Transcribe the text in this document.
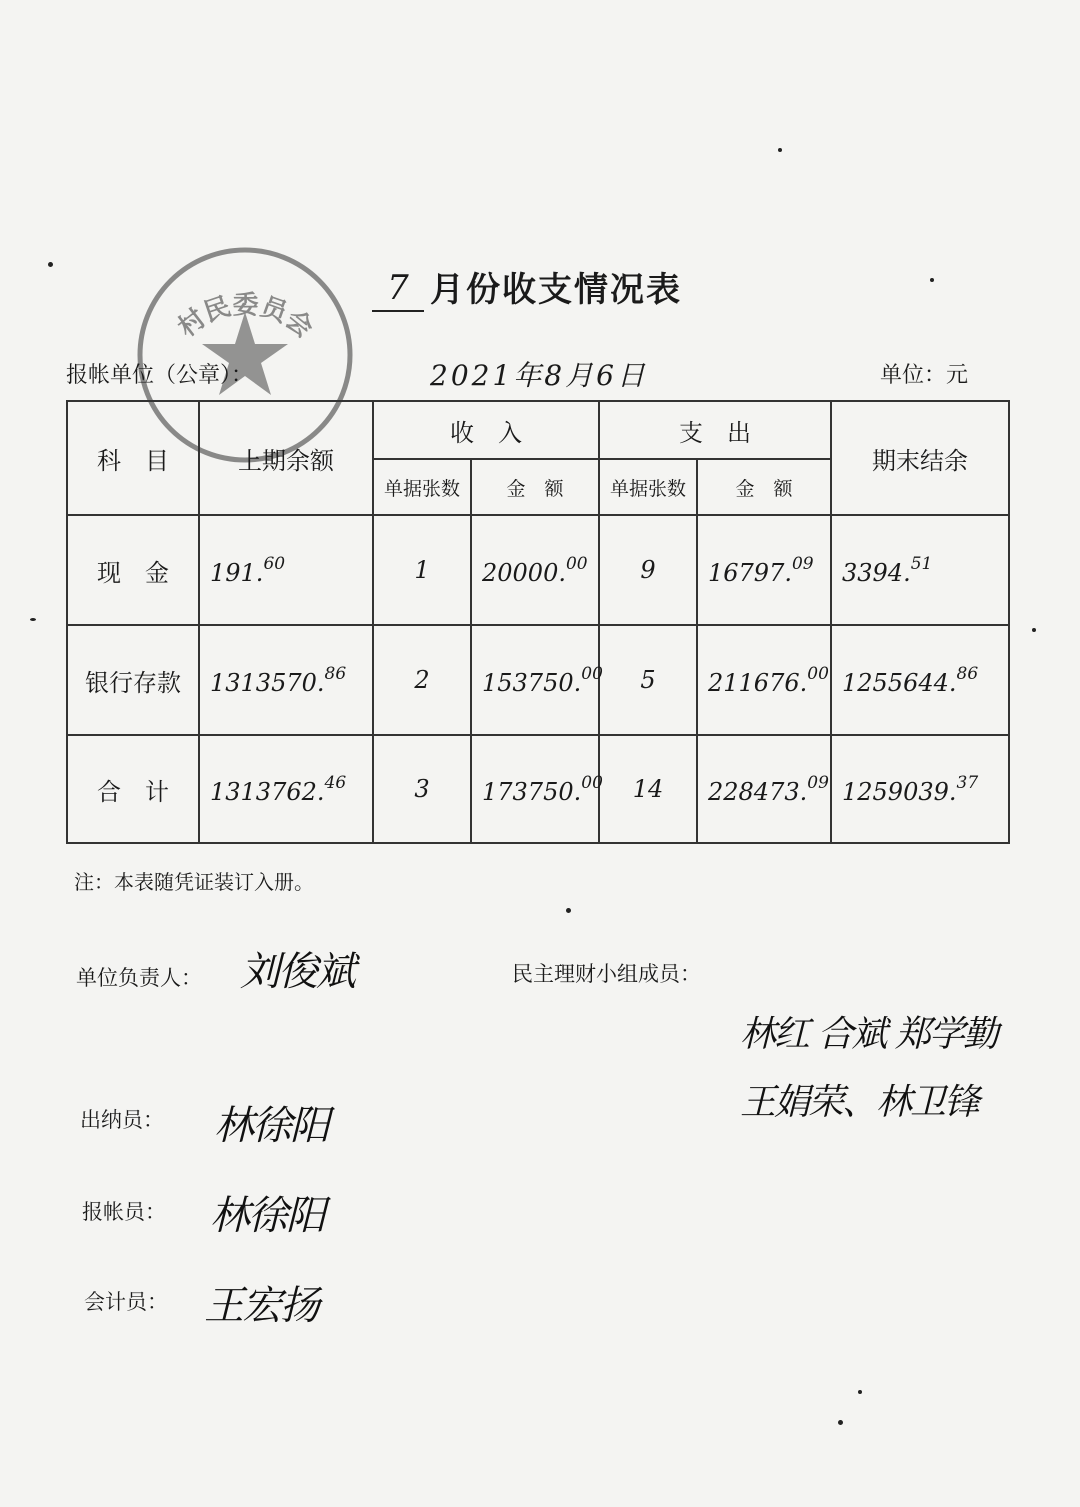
村民委员会
7 月份收支情况表
报帐单位（公章）：	2021年8月6日	单位：元
科　目	上期余额	收　入		支　出		期末结余
		单据张数	金　额	单据张数	金　额	
现　金	191.60	1	20000.00	9	16797.09	3394.51
银行存款	1313570.86	2	153750.00	5	211676.00	1255644.86
合　计	1313762.46	3	173750.00	14	228473.09	1259039.37
注：本表随凭证装订入册。
单位负责人： 刘俊斌	民主理财小组成员：
林红 合斌 郑学勤
王娟荣、林卫锋
出纳员： 林徐阳
报帐员： 林徐阳
会计员： 王宏扬
